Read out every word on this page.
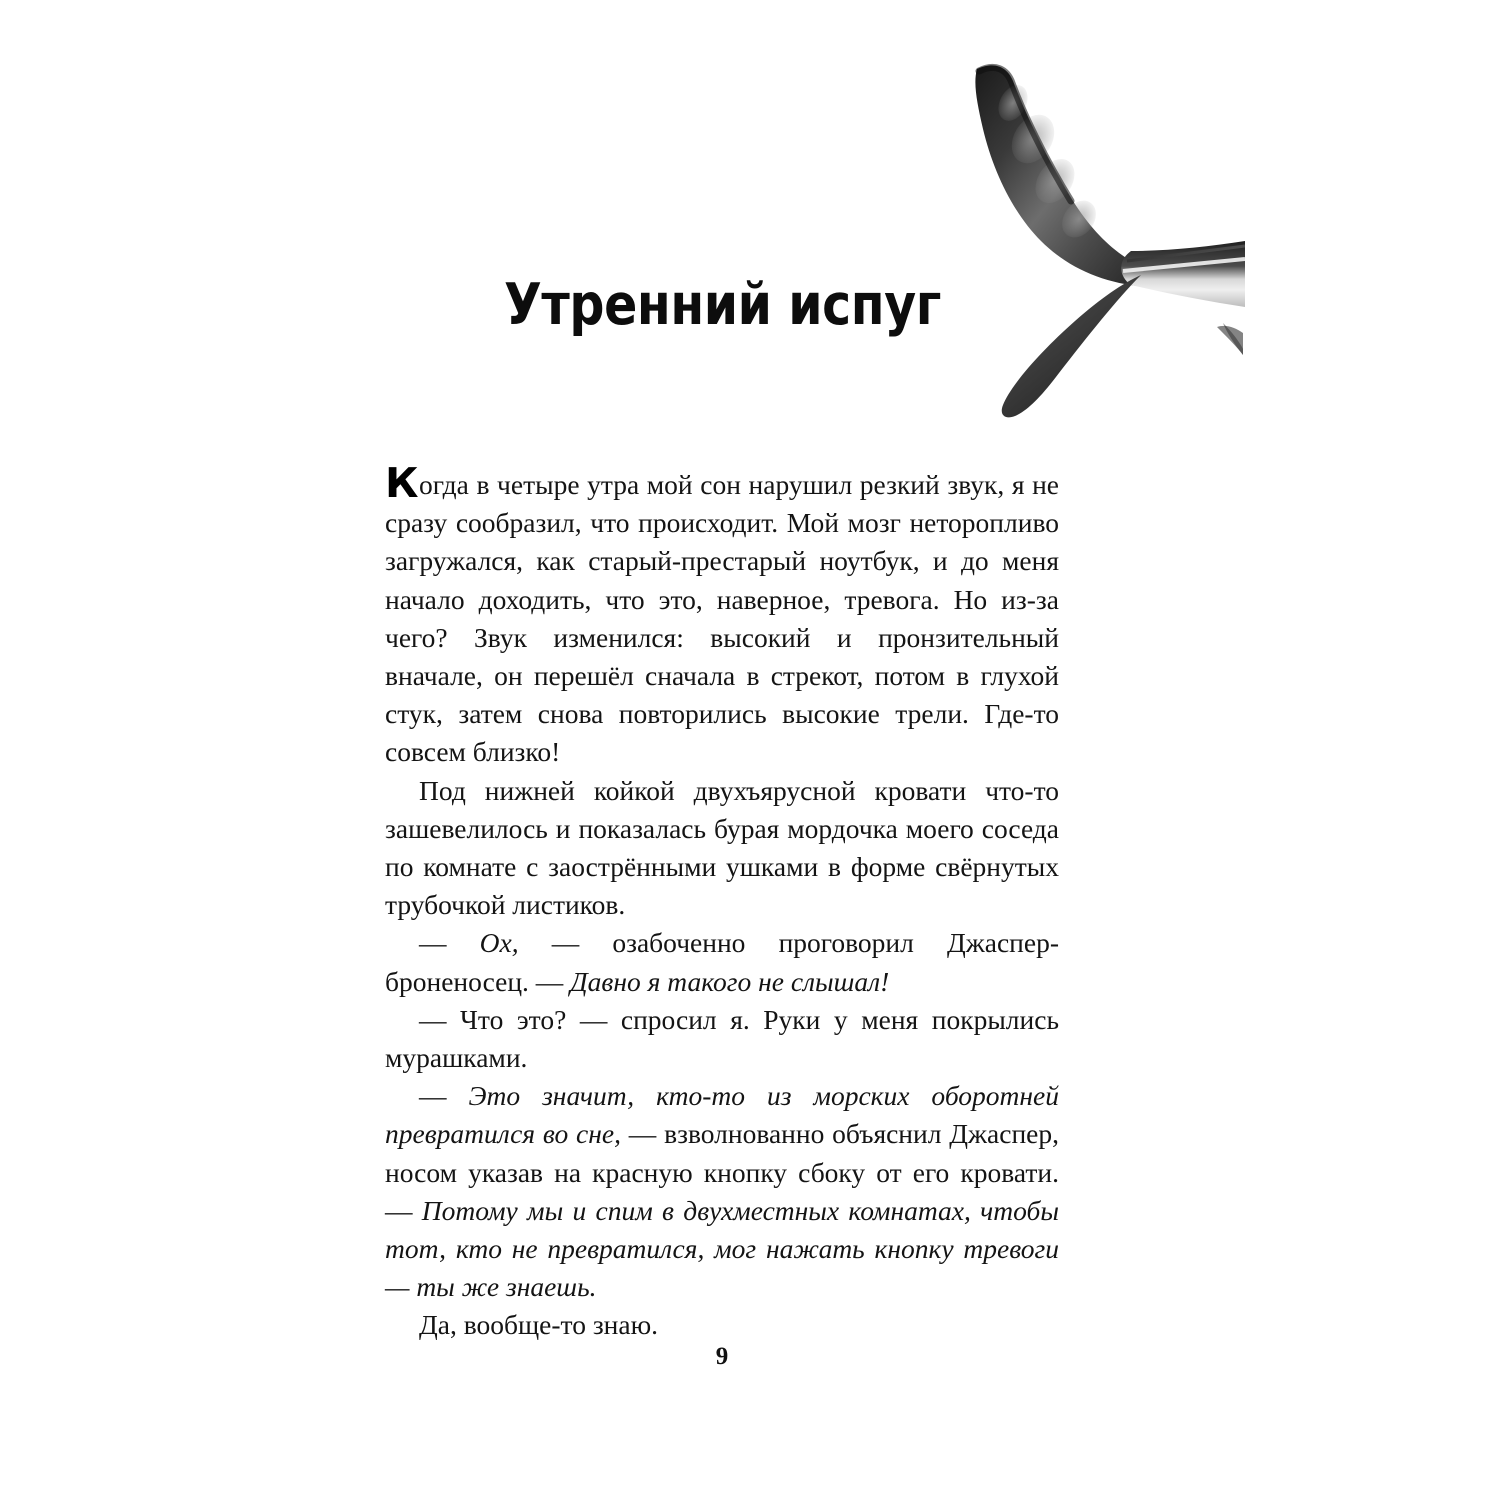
Утренний испуг

Когда в четыре утра мой сон нарушил резкий звук, я не сразу сообразил, что происходит. Мой мозг неторопливо загружался, как старый-престарый ноутбук, и до меня начало доходить, что это, наверное, тревога. Но из-за чего? Звук изменился: высокий и пронзительный вначале, он перешёл сначала в стрекот, потом в глухой стук, затем снова повторились высокие трели. Где-то совсем близко!

Под нижней койкой двухъярусной кровати что-то зашевелилось и показалась бурая мордочка моего соседа по комнате с заострёнными ушками в форме свёрнутых трубочкой листиков.

— Ох, — озабоченно проговорил Джаспер-броненосец. — Давно я такого не слышал!

— Что это? — спросил я. Руки у меня покрылись мурашками.

— Это значит, кто-то из морских оборотней превратился во сне, — взволнованно объяснил Джаспер, носом указав на красную кнопку сбоку от его кровати. — Потому мы и спим в двухместных комнатах, чтобы тот, кто не превратился, мог нажать кнопку тревоги — ты же знаешь.

Да, вообще-то знаю.

9
